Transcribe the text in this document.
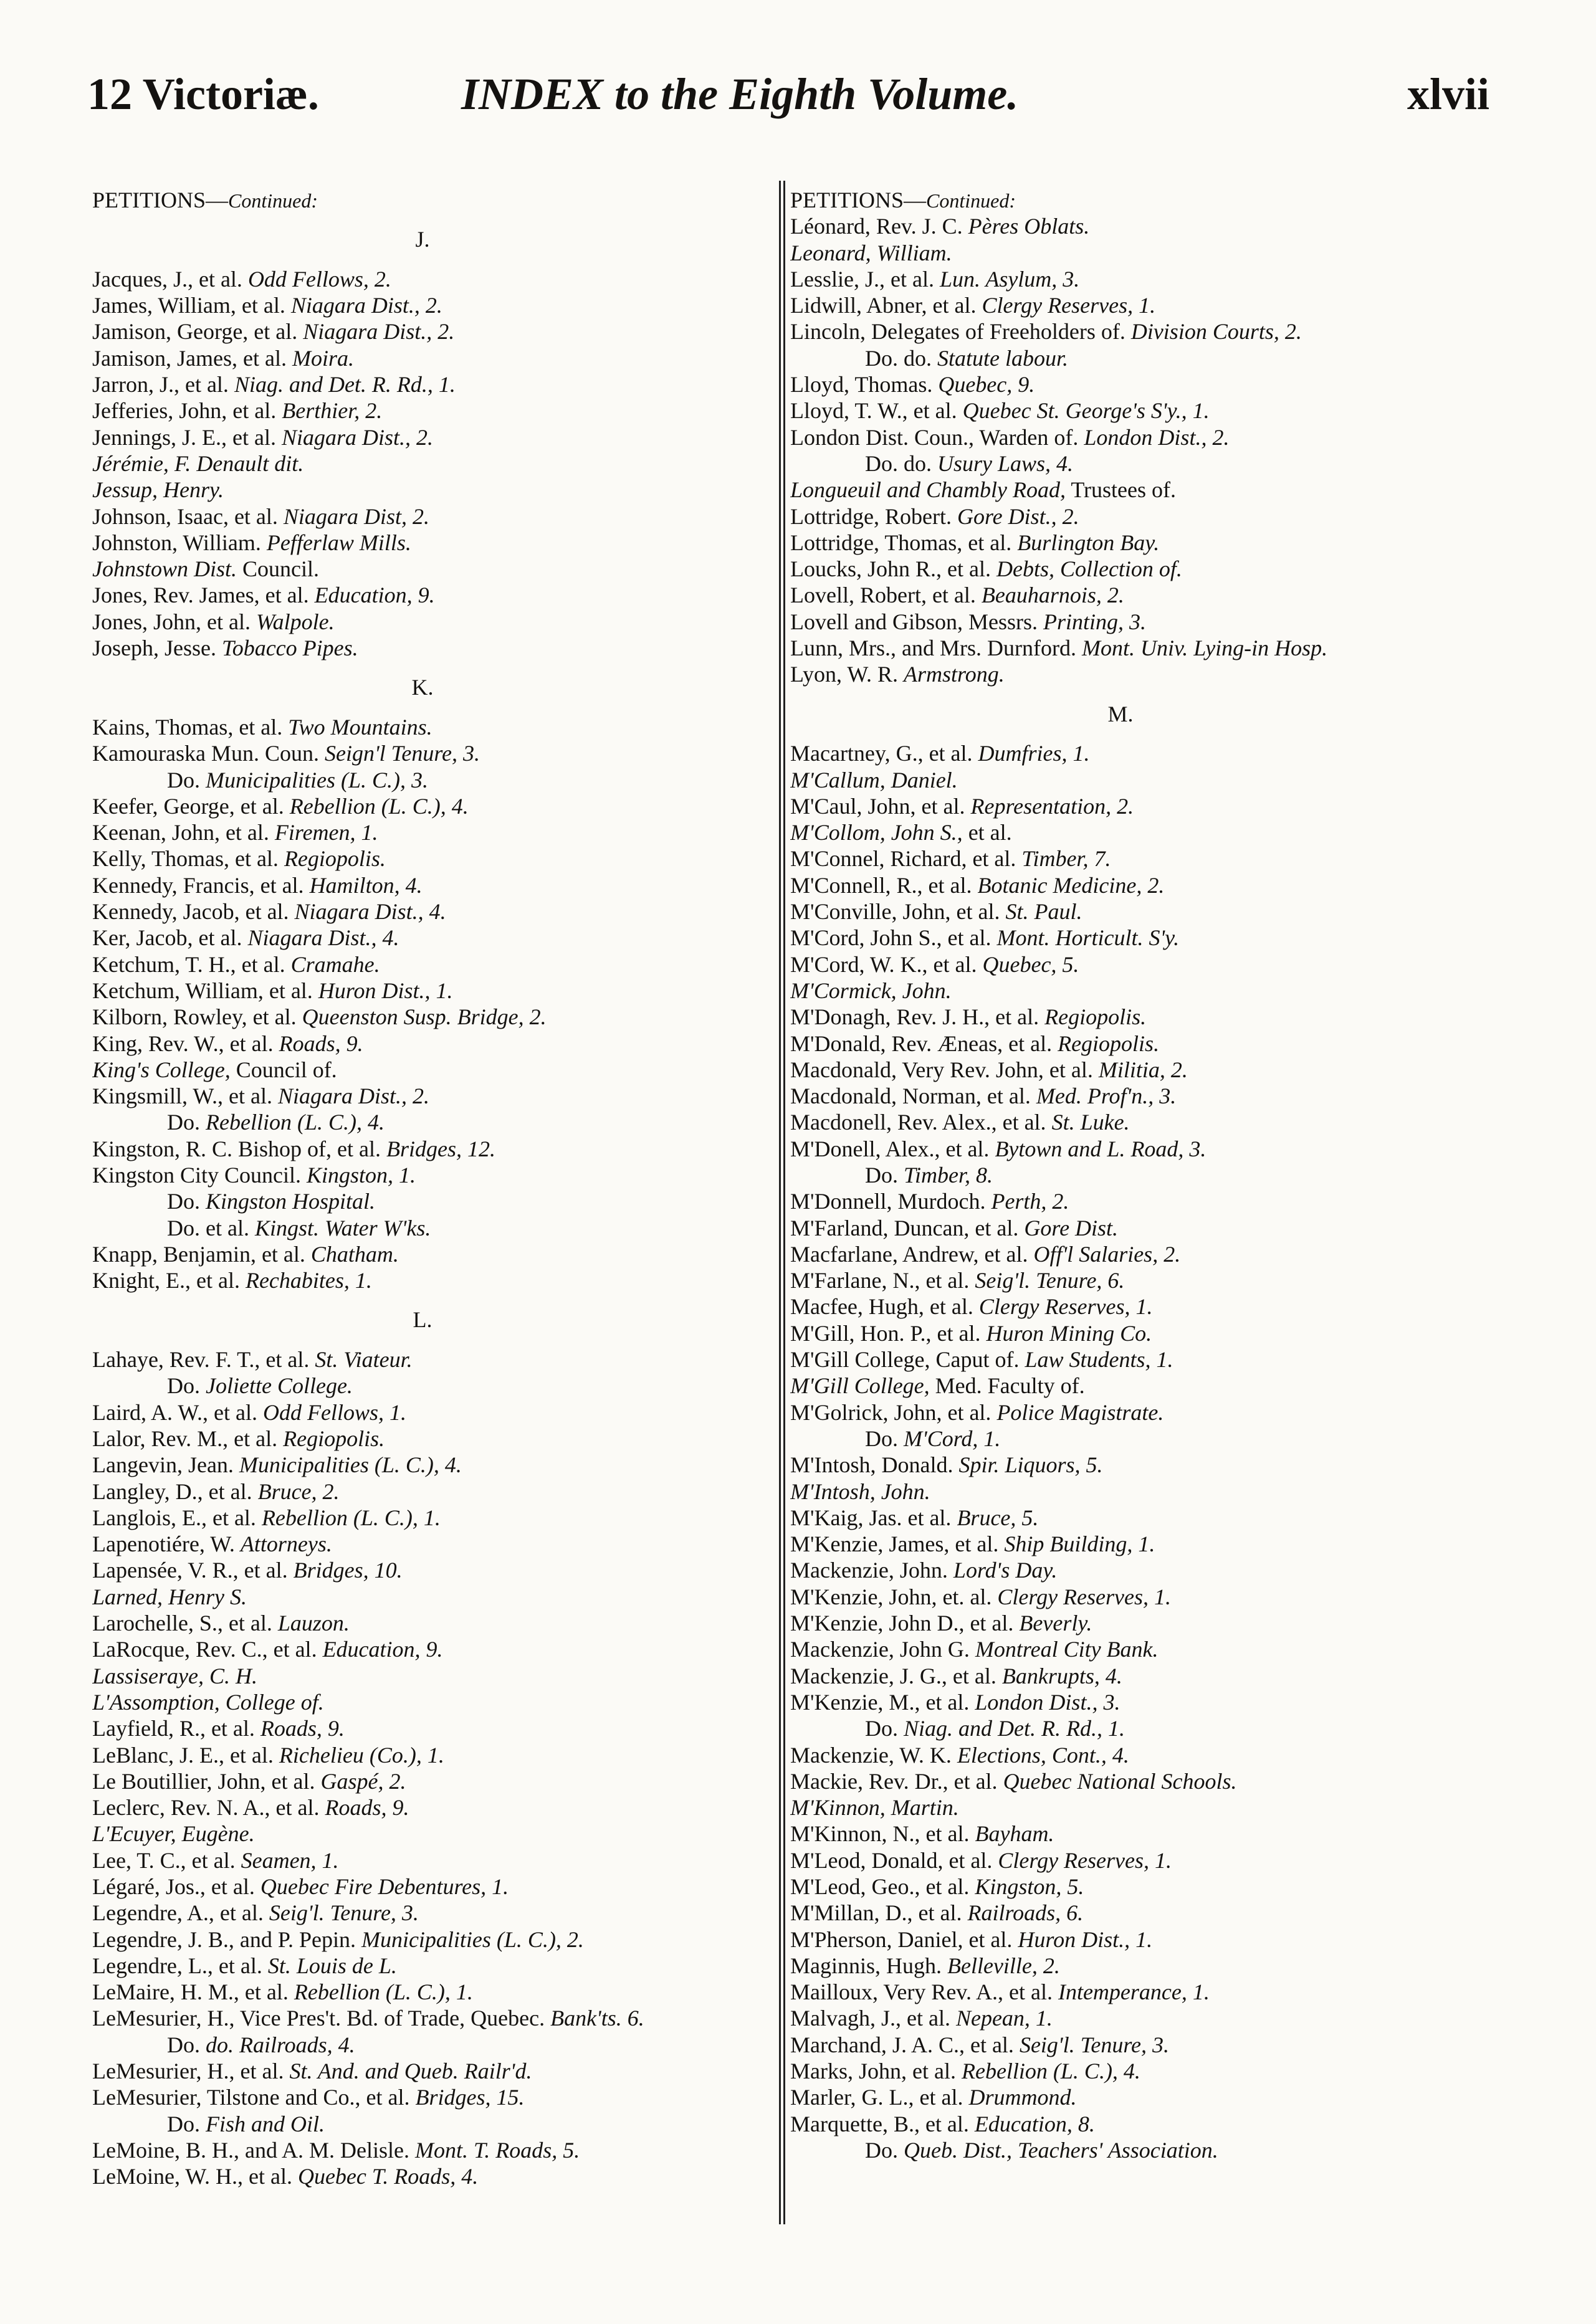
12 Victoriæ.	INDEX to the Eighth Volume.	xlvii
PETITIONS—Continued:
J.
Jacques, J., et al. Odd Fellows, 2.
James, William, et al. Niagara Dist., 2.
Jamison, George, et al. Niagara Dist., 2.
Jamison, James, et al. Moira.
Jarron, J., et al. Niag. and Det. R. Rd., 1.
Jefferies, John, et al. Berthier, 2.
Jennings, J. E., et al. Niagara Dist., 2.
Jérémie, F. Denault dit.
Jessup, Henry.
Johnson, Isaac, et al. Niagara Dist, 2.
Johnston, William. Pefferlaw Mills.
Johnstown Dist. Council.
Jones, Rev. James, et al. Education, 9.
Jones, John, et al. Walpole.
Joseph, Jesse. Tobacco Pipes.
K.
Kains, Thomas, et al. Two Mountains.
Kamouraska Mun. Coun. Seign'l Tenure, 3.
Do. Municipalities (L. C.), 3.
Keefer, George, et al. Rebellion (L. C.), 4.
Keenan, John, et al. Firemen, 1.
Kelly, Thomas, et al. Regiopolis.
Kennedy, Francis, et al. Hamilton, 4.
Kennedy, Jacob, et al. Niagara Dist., 4.
Ker, Jacob, et al. Niagara Dist., 4.
Ketchum, T. H., et al. Cramahe.
Ketchum, William, et al. Huron Dist., 1.
Kilborn, Rowley, et al. Queenston Susp. Bridge, 2.
King, Rev. W., et al. Roads, 9.
King's College, Council of.
Kingsmill, W., et al. Niagara Dist., 2.
Do. Rebellion (L. C.), 4.
Kingston, R. C. Bishop of, et al. Bridges, 12.
Kingston City Council. Kingston, 1.
Do. Kingston Hospital.
Do. et al. Kingst. Water W'ks.
Knapp, Benjamin, et al. Chatham.
Knight, E., et al. Rechabites, 1.
L.
Lahaye, Rev. F. T., et al. St. Viateur.
Do. Joliette College.
Laird, A. W., et al. Odd Fellows, 1.
Lalor, Rev. M., et al. Regiopolis.
Langevin, Jean. Municipalities (L. C.), 4.
Langley, D., et al. Bruce, 2.
Langlois, E., et al. Rebellion (L. C.), 1.
Lapenotiére, W. Attorneys.
Lapensée, V. R., et al. Bridges, 10.
Larned, Henry S.
Larochelle, S., et al. Lauzon.
LaRocque, Rev. C., et al. Education, 9.
Lassiseraye, C. H.
L'Assomption, College of.
Layfield, R., et al. Roads, 9.
LeBlanc, J. E., et al. Richelieu (Co.), 1.
Le Boutillier, John, et al. Gaspé, 2.
Leclerc, Rev. N. A., et al. Roads, 9.
L'Ecuyer, Eugène.
Lee, T. C., et al. Seamen, 1.
Légaré, Jos., et al. Quebec Fire Debentures, 1.
Legendre, A., et al. Seig'l. Tenure, 3.
Legendre, J. B., and P. Pepin. Municipalities (L. C.), 2.
Legendre, L., et al. St. Louis de L.
LeMaire, H. M., et al. Rebellion (L. C.), 1.
LeMesurier, H., Vice Pres't. Bd. of Trade, Quebec. Bank'ts. 6.
Do. do. Railroads, 4.
LeMesurier, H., et al. St. And. and Queb. Railr'd.
LeMesurier, Tilstone and Co., et al. Bridges, 15.
Do. Fish and Oil.
LeMoine, B. H., and A. M. Delisle. Mont. T. Roads, 5.
LeMoine, W. H., et al. Quebec T. Roads, 4.
PETITIONS—Continued:
Léonard, Rev. J. C. Pères Oblats.
Leonard, William.
Lesslie, J., et al. Lun. Asylum, 3.
Lidwill, Abner, et al. Clergy Reserves, 1.
Lincoln, Delegates of Freeholders of. Division Courts, 2.
Do. do. Statute labour.
Lloyd, Thomas. Quebec, 9.
Lloyd, T. W., et al. Quebec St. George's S'y., 1.
London Dist. Coun., Warden of. London Dist., 2.
Do. do. Usury Laws, 4.
Longueuil and Chambly Road, Trustees of.
Lottridge, Robert. Gore Dist., 2.
Lottridge, Thomas, et al. Burlington Bay.
Loucks, John R., et al. Debts, Collection of.
Lovell, Robert, et al. Beauharnois, 2.
Lovell and Gibson, Messrs. Printing, 3.
Lunn, Mrs., and Mrs. Durnford. Mont. Univ. Lying-in Hosp.
Lyon, W. R. Armstrong.
M.
Macartney, G., et al. Dumfries, 1.
M'Callum, Daniel.
M'Caul, John, et al. Representation, 2.
M'Collom, John S., et al.
M'Connel, Richard, et al. Timber, 7.
M'Connell, R., et al. Botanic Medicine, 2.
M'Conville, John, et al. St. Paul.
M'Cord, John S., et al. Mont. Horticult. S'y.
M'Cord, W. K., et al. Quebec, 5.
M'Cormick, John.
M'Donagh, Rev. J. H., et al. Regiopolis.
M'Donald, Rev. Æneas, et al. Regiopolis.
Macdonald, Very Rev. John, et al. Militia, 2.
Macdonald, Norman, et al. Med. Prof'n., 3.
Macdonell, Rev. Alex., et al. St. Luke.
M'Donell, Alex., et al. Bytown and L. Road, 3.
Do. Timber, 8.
M'Donnell, Murdoch. Perth, 2.
M'Farland, Duncan, et al. Gore Dist.
Macfarlane, Andrew, et al. Off'l Salaries, 2.
M'Farlane, N., et al. Seig'l. Tenure, 6.
Macfee, Hugh, et al. Clergy Reserves, 1.
M'Gill, Hon. P., et al. Huron Mining Co.
M'Gill College, Caput of. Law Students, 1.
M'Gill College, Med. Faculty of.
M'Golrick, John, et al. Police Magistrate.
Do. M'Cord, 1.
M'Intosh, Donald. Spir. Liquors, 5.
M'Intosh, John.
M'Kaig, Jas. et al. Bruce, 5.
M'Kenzie, James, et al. Ship Building, 1.
Mackenzie, John. Lord's Day.
M'Kenzie, John, et. al. Clergy Reserves, 1.
M'Kenzie, John D., et al. Beverly.
Mackenzie, John G. Montreal City Bank.
Mackenzie, J. G., et al. Bankrupts, 4.
M'Kenzie, M., et al. London Dist., 3.
Do. Niag. and Det. R. Rd., 1.
Mackenzie, W. K. Elections, Cont., 4.
Mackie, Rev. Dr., et al. Quebec National Schools.
M'Kinnon, Martin.
M'Kinnon, N., et al. Bayham.
M'Leod, Donald, et al. Clergy Reserves, 1.
M'Leod, Geo., et al. Kingston, 5.
M'Millan, D., et al. Railroads, 6.
M'Pherson, Daniel, et al. Huron Dist., 1.
Maginnis, Hugh. Belleville, 2.
Mailloux, Very Rev. A., et al. Intemperance, 1.
Malvagh, J., et al. Nepean, 1.
Marchand, J. A. C., et al. Seig'l. Tenure, 3.
Marks, John, et al. Rebellion (L. C.), 4.
Marler, G. L., et al. Drummond.
Marquette, B., et al. Education, 8.
Do. Queb. Dist., Teachers' Association.
